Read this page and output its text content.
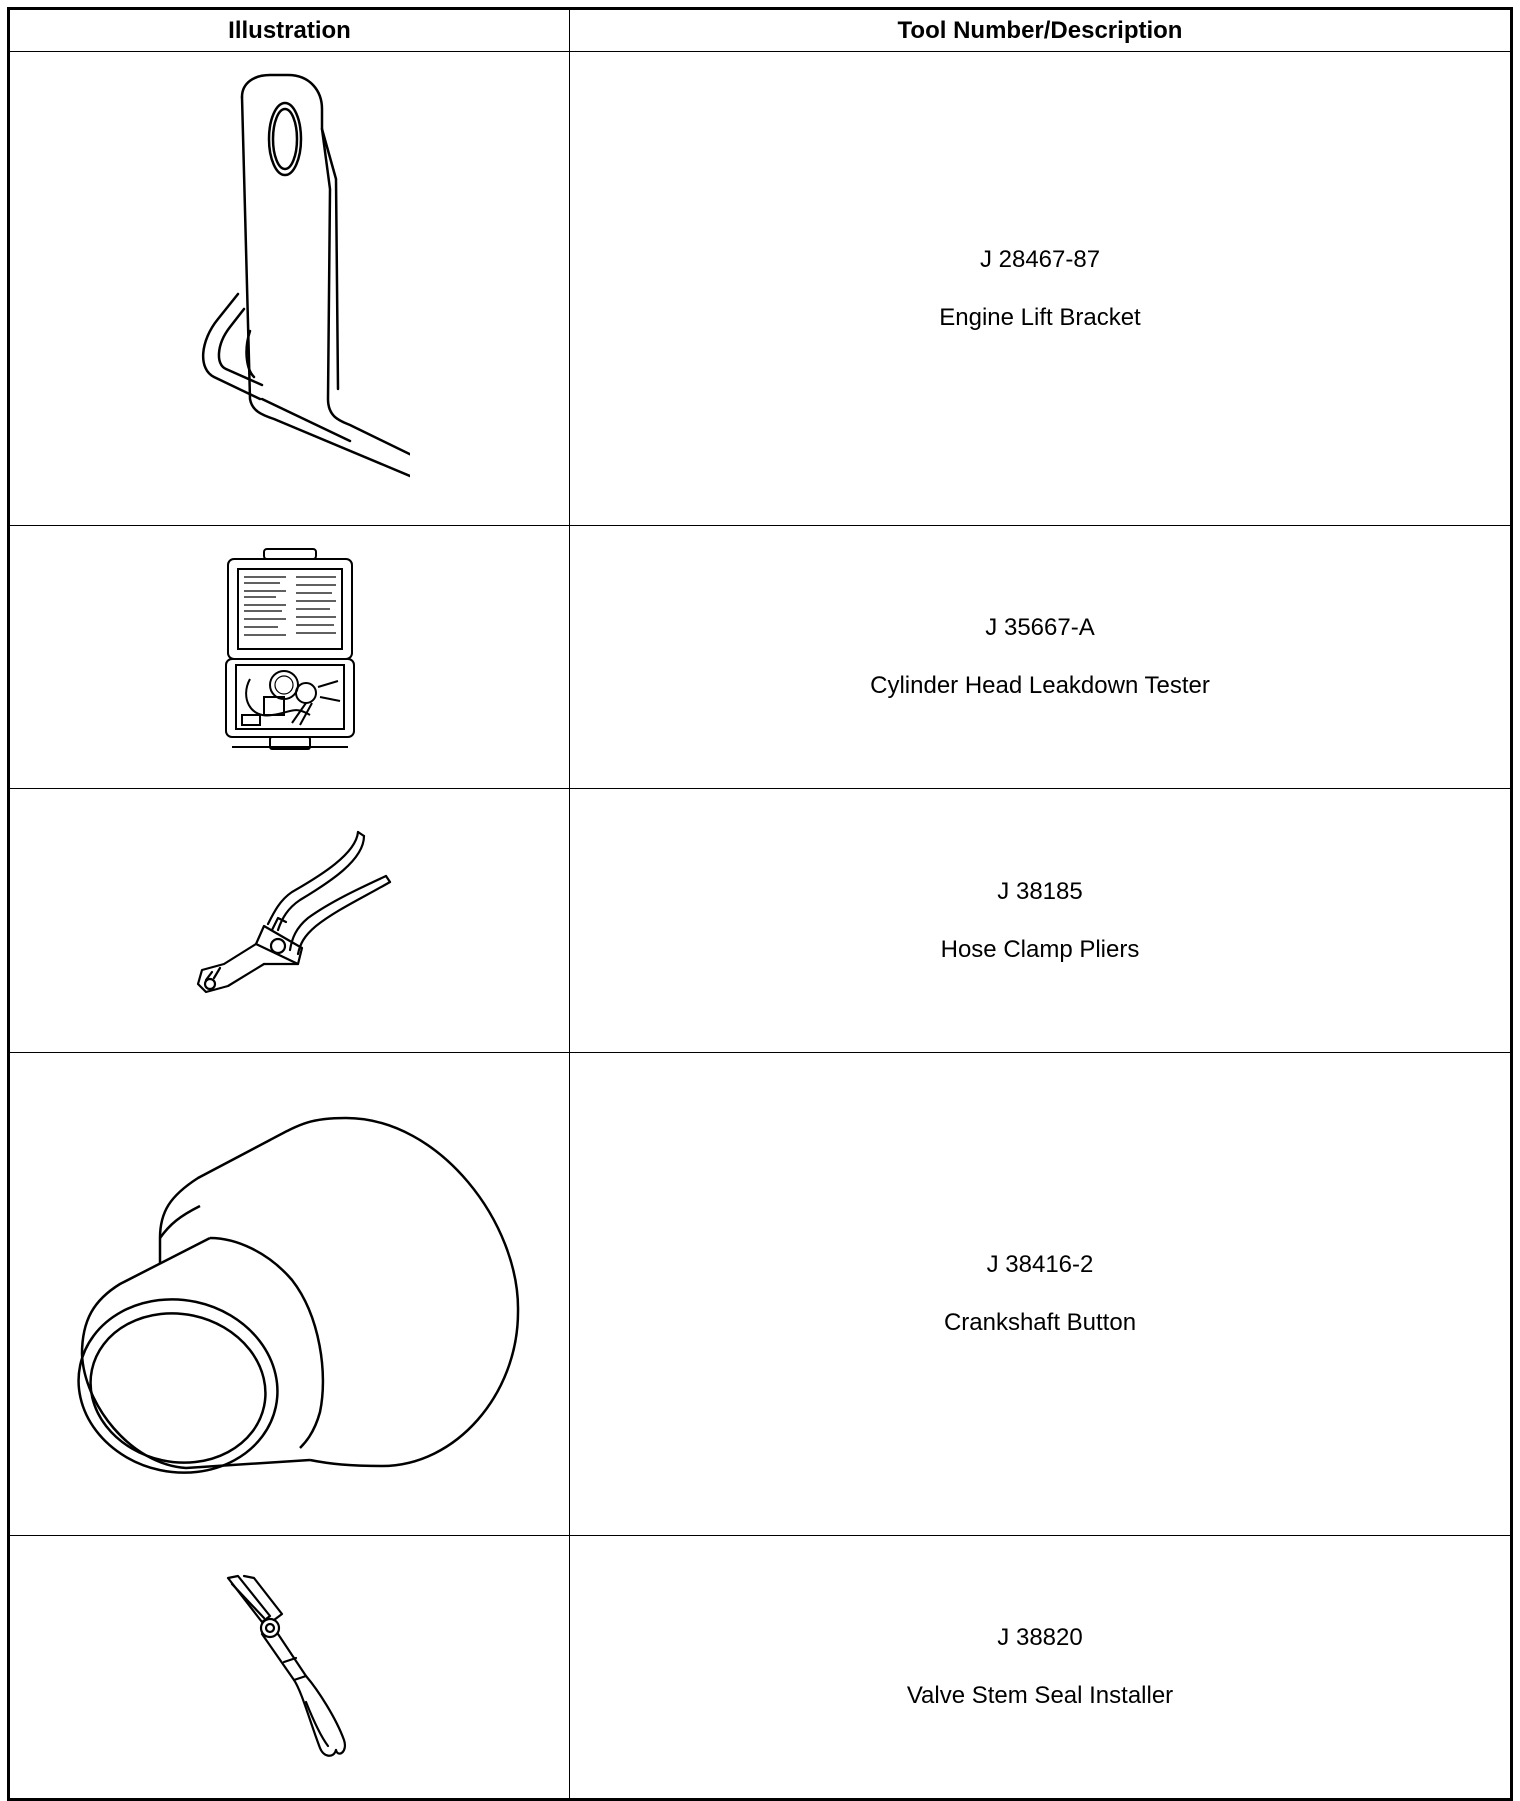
Illustration	Tool Number/Description

J 28467-87
Engine Lift Bracket

J 35667-A
Cylinder Head Leakdown Tester

J 38185
Hose Clamp Pliers

J 38416-2
Crankshaft Button

J 38820
Valve Stem Seal Installer
